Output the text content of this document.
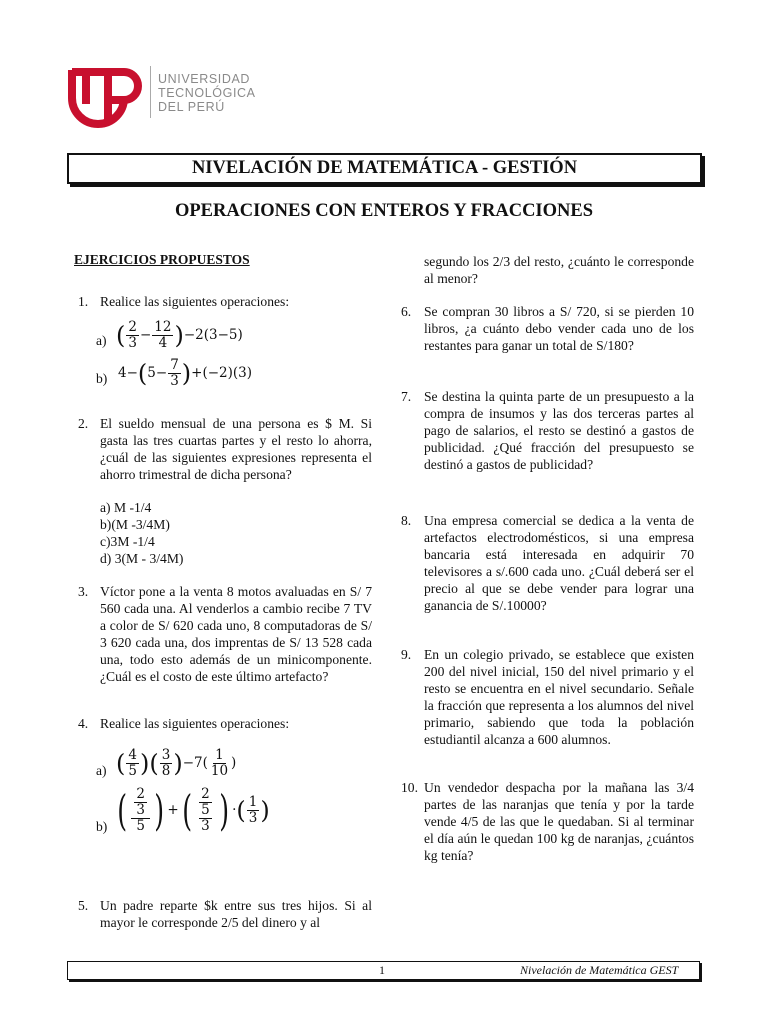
UNIVERSIDAD
TECNOLÓGICA
DEL PERÚ
NIVELACIÓN DE MATEMÁTICA - GESTIÓN
OPERACIONES CON ENTEROS Y FRACCIONES
EJERCICIOS PROPUESTOS
1. Realice las siguientes operaciones:
a) ( $\frac{2}{3} - \frac{12}{4} )-2(3-5)$
b) $4-(5- \frac{7}{3} )+(-2)(3)$
2. El sueldo mensual de una persona es $ M. Si gasta las tres cuartas partes y el resto lo ahorra, ¿cuál de las siguientes expresiones representa el ahorro trimestral de dicha persona?
a) M -1/4
b)(M -3/4M)
c)3M -1/4
d) 3(M - 3/4M)
3. Víctor pone a la venta 8 motos avaluadas en S/ 7 560 cada una. Al venderlos a cambio recibe 7 TV a color de S/ 620 cada uno, 8 computadoras de S/ 3 620 cada una, dos imprentas de S/ 13 528 cada una, todo esto además de un minicomponente. ¿Cuál es el costo de este último artefacto?
4. Realice las siguientes operaciones:
a) ( $\frac{4}{5}$ )( $\frac{3}{8} )-7( \frac{1}{10}$ )
b) ( $\frac{\frac{2}{3}}{5}$ ) +( $\frac{2}{\frac{5}{3}}$ ) ·( $\frac{1}{3}$ )
5. Un padre reparte $k entre sus tres hijos. Si al mayor le corresponde 2/5 del dinero y al
segundo los 2/3 del resto, ¿cuánto le corresponde al menor?
6. Se compran 30 libros a S/ 720, si se pierden 10 libros, ¿a cuánto debo vender cada uno de los restantes para ganar un total de S/180?
7. Se destina la quinta parte de un presupuesto a la compra de insumos y las dos terceras partes al pago de salarios, el resto se destinó a gastos de publicidad. ¿Qué fracción del presupuesto se destinó a gastos de publicidad?
8. Una empresa comercial se dedica a la venta de artefactos electrodomésticos, si una empresa bancaria está interesada en adquirir 70 televisores a s/.600 cada uno. ¿Cuál deberá ser el precio al que se debe vender para lograr una ganancia de S/.10000?
9. En un colegio privado, se establece que existen 200 del nivel inicial, 150 del nivel primario y el resto se encuentra en el nivel secundario. Señale la fracción que representa a los alumnos del nivel primario, sabiendo que toda la población estudiantil alcanza a 600 alumnos.
10. Un vendedor despacha por la mañana las 3/4 partes de las naranjas que tenía y por la tarde vende 4/5 de las que le quedaban. Si al terminar el día aún le quedan 100 kg de naranjas, ¿cuántos kg tenía?
1	Nivelación de Matemática GEST
